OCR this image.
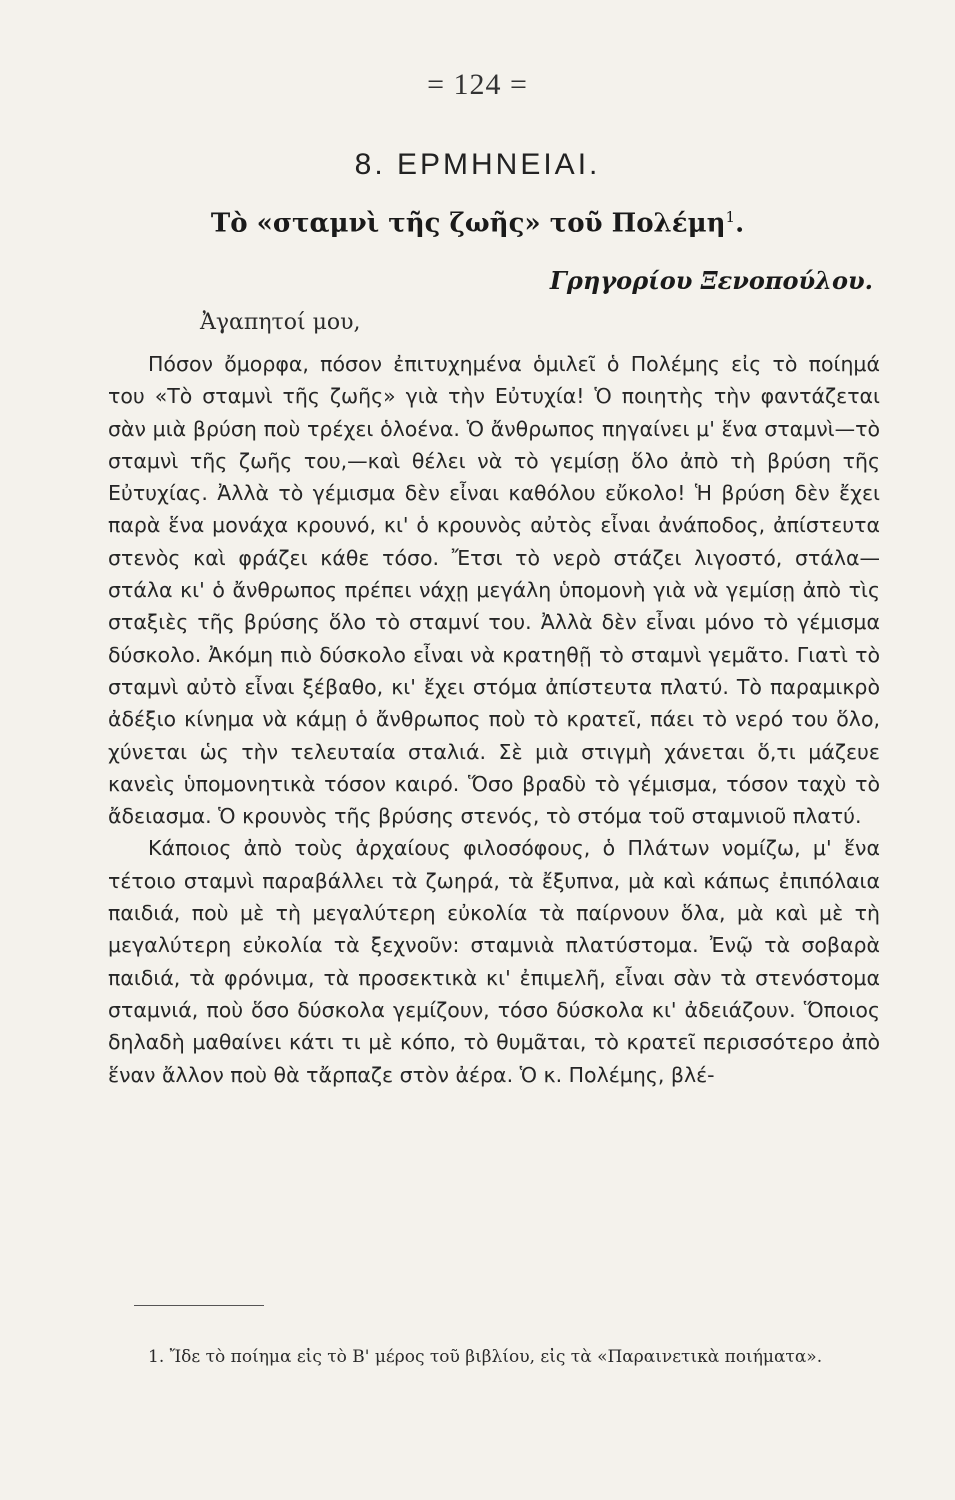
= 124 =
8. ΕΡΜΗΝΕΙΑΙ.
Τὸ «σταμνὶ τῆς ζωῆς» τοῦ Πολέμη$^1$.
Γρηγορίου Ξενοπούλου.
Ἀγαπητοί μου,

Πόσον ὄμορφα, πόσον ἐπιτυχημένα ὁμιλεῖ ὁ Πολέμης εἰς τὸ ποίημά του «Τὸ σταμνὶ τῆς ζωῆς» γιὰ τὴν Εὐτυχία! Ὁ ποιητὴς τὴν φαντάζεται σὰν μιὰ βρύση ποὺ τρέχει ὁλοένα. Ὁ ἄνθρωπος πηγαίνει μ' ἕνα σταμνὶ—τὸ σταμνὶ τῆς ζωῆς του,—καὶ θέλει νὰ τὸ γεμίσῃ ὅλο ἀπὸ τὴ βρύση τῆς Εὐτυχίας. Ἀλλὰ τὸ γέμισμα δὲν εἶναι καθόλου εὔκολο! Ἡ βρύση δὲν ἔχει παρὰ ἕνα μονάχα κρουνό, κι' ὁ κρουνὸς αὐτὸς εἶναι ἀνάποδος, ἀπίστευτα στενὸς καὶ φράζει κάθε τόσο. Ἔτσι τὸ νερὸ στάζει λιγοστό, στάλα— στάλα κι' ὁ ἄνθρωπος πρέπει νάχῃ μεγάλη ὑπομονὴ γιὰ νὰ γεμίσῃ ἀπὸ τὶς σταξιὲς τῆς βρύσης ὅλο τὸ σταμνί του. Ἀλλὰ δὲν εἶναι μόνο τὸ γέμισμα δύσκολο. Ἀκόμη πιὸ δύσκολο εἶναι νὰ κρατηθῇ τὸ σταμνὶ γεμᾶτο. Γιατὶ τὸ σταμνὶ αὐτὸ εἶναι ξέβαθο, κι' ἔχει στόμα ἀπίστευτα πλατύ. Τὸ παραμικρὸ ἀδέξιο κίνημα νὰ κάμῃ ὁ ἄνθρωπος ποὺ τὸ κρατεῖ, πάει τὸ νερό του ὅλο, χύνεται ὡς τὴν τελευταία σταλιά. Σὲ μιὰ στιγμὴ χάνεται ὅ,τι μάζευε κανεὶς ὑπομονητικὰ τόσον καιρό. Ὅσο βραδὺ τὸ γέμισμα, τόσον ταχὺ τὸ ἄδειασμα. Ὁ κρουνὸς τῆς βρύσης στενός, τὸ στόμα τοῦ σταμνιοῦ πλατύ.

Κάποιος ἀπὸ τοὺς ἀρχαίους φιλοσόφους, ὁ Πλάτων νομίζω, μ' ἕνα τέτοιο σταμνὶ παραβάλλει τὰ ζωηρά, τὰ ἔξυπνα, μὰ καὶ κάπως ἐπιπόλαια παιδιά, ποὺ μὲ τὴ μεγαλύτερη εὐκολία τὰ παίρνουν ὅλα, μὰ καὶ μὲ τὴ μεγαλύτερη εὐκολία τὰ ξεχνοῦν: σταμνιὰ πλατύστομα. Ἐνῷ τὰ σοβαρὰ παιδιά, τὰ φρόνιμα, τὰ προσεκτικὰ κι' ἐπιμελῆ, εἶναι σὰν τὰ στενόστομα σταμνιά, ποὺ ὅσο δύσκολα γεμίζουν, τόσο δύσκολα κι' ἀδειάζουν. Ὅποιος δηλαδὴ μαθαίνει κάτι τι μὲ κόπο, τὸ θυμᾶται, τὸ κρατεῖ περισσότερο ἀπὸ ἕναν ἄλλον ποὺ θὰ τἄρπαζε στὸν ἀέρα. Ὁ κ. Πολέμης, βλέ-

1. Ἴδε τὸ ποίημα εἰς τὸ Β' μέρος τοῦ βιβλίου, εἰς τὰ «Παραινετικὰ ποιήματα».
